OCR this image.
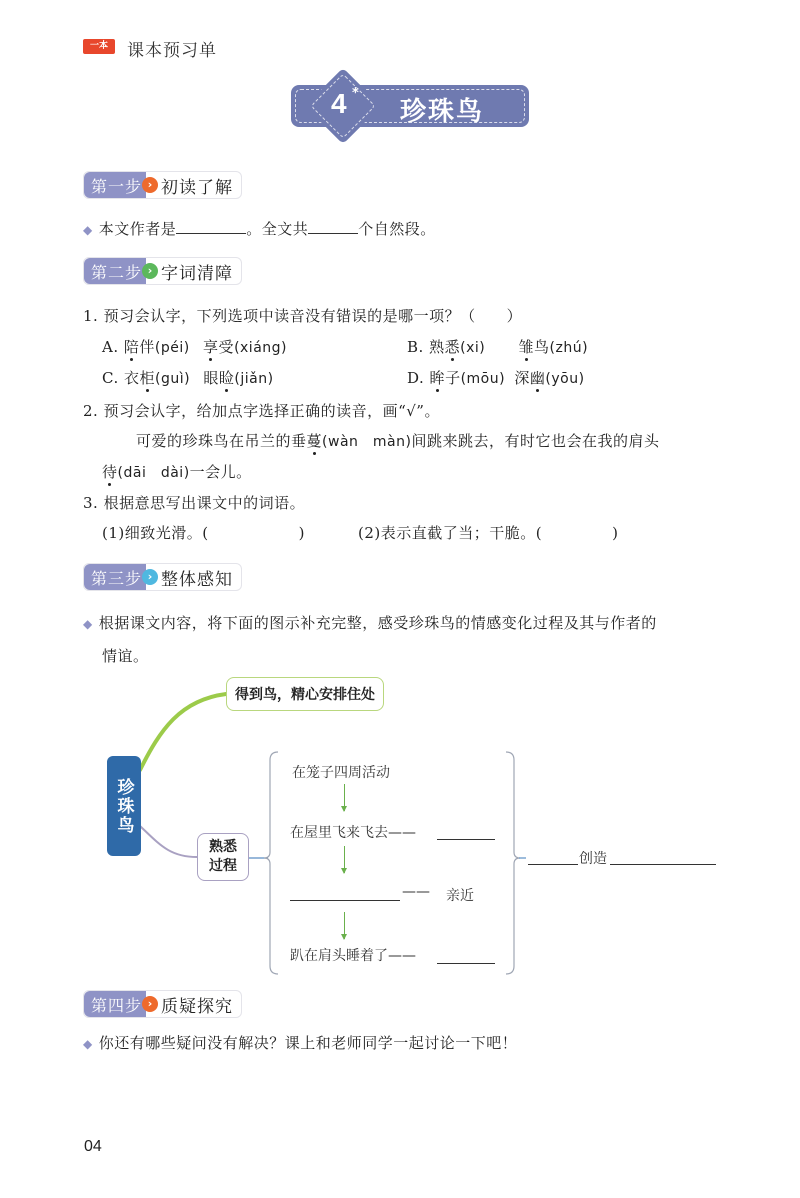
一本	课本预习单
4 *
珍珠鸟
第一步 › 初读了解
◆ 本文作者是	。全文共	个自然段。
第二步 › 字词清障
1. 预习会认字，下列选项中读音没有错误的是哪一项？（　　）
A. 陪伴(péi) 享受(xiáng)	B. 熟悉(xi) 雏鸟(zhú)
C. 衣柜(guì) 眼睑(jiǎn)	D. 眸子(mōu) 深幽(yōu)
2. 预习会认字，给加点字选择正确的读音，画“√”。
可爱的珍珠鸟在吊兰的垂蔓(wàn　màn)间跳来跳去，有时它也会在我的肩头
待(dāi　dài)一会儿。
3. 根据意思写出课文中的词语。
(1)细致光滑。(	)	(2)表示直截了当；干脆。(	)
第三步 › 整体感知
◆ 根据课文内容，将下面的图示补充完整，感受珍珠鸟的情感变化过程及其与作者的
情谊。
珍珠鸟
得到鸟，精心安排住处
熟悉
过程
在笼子四周活动
在屋里飞来飞去——
—— 亲近
趴在肩头睡着了——
创造
第四步 › 质疑探究
◆ 你还有哪些疑问没有解决？课上和老师同学一起讨论一下吧！
04
